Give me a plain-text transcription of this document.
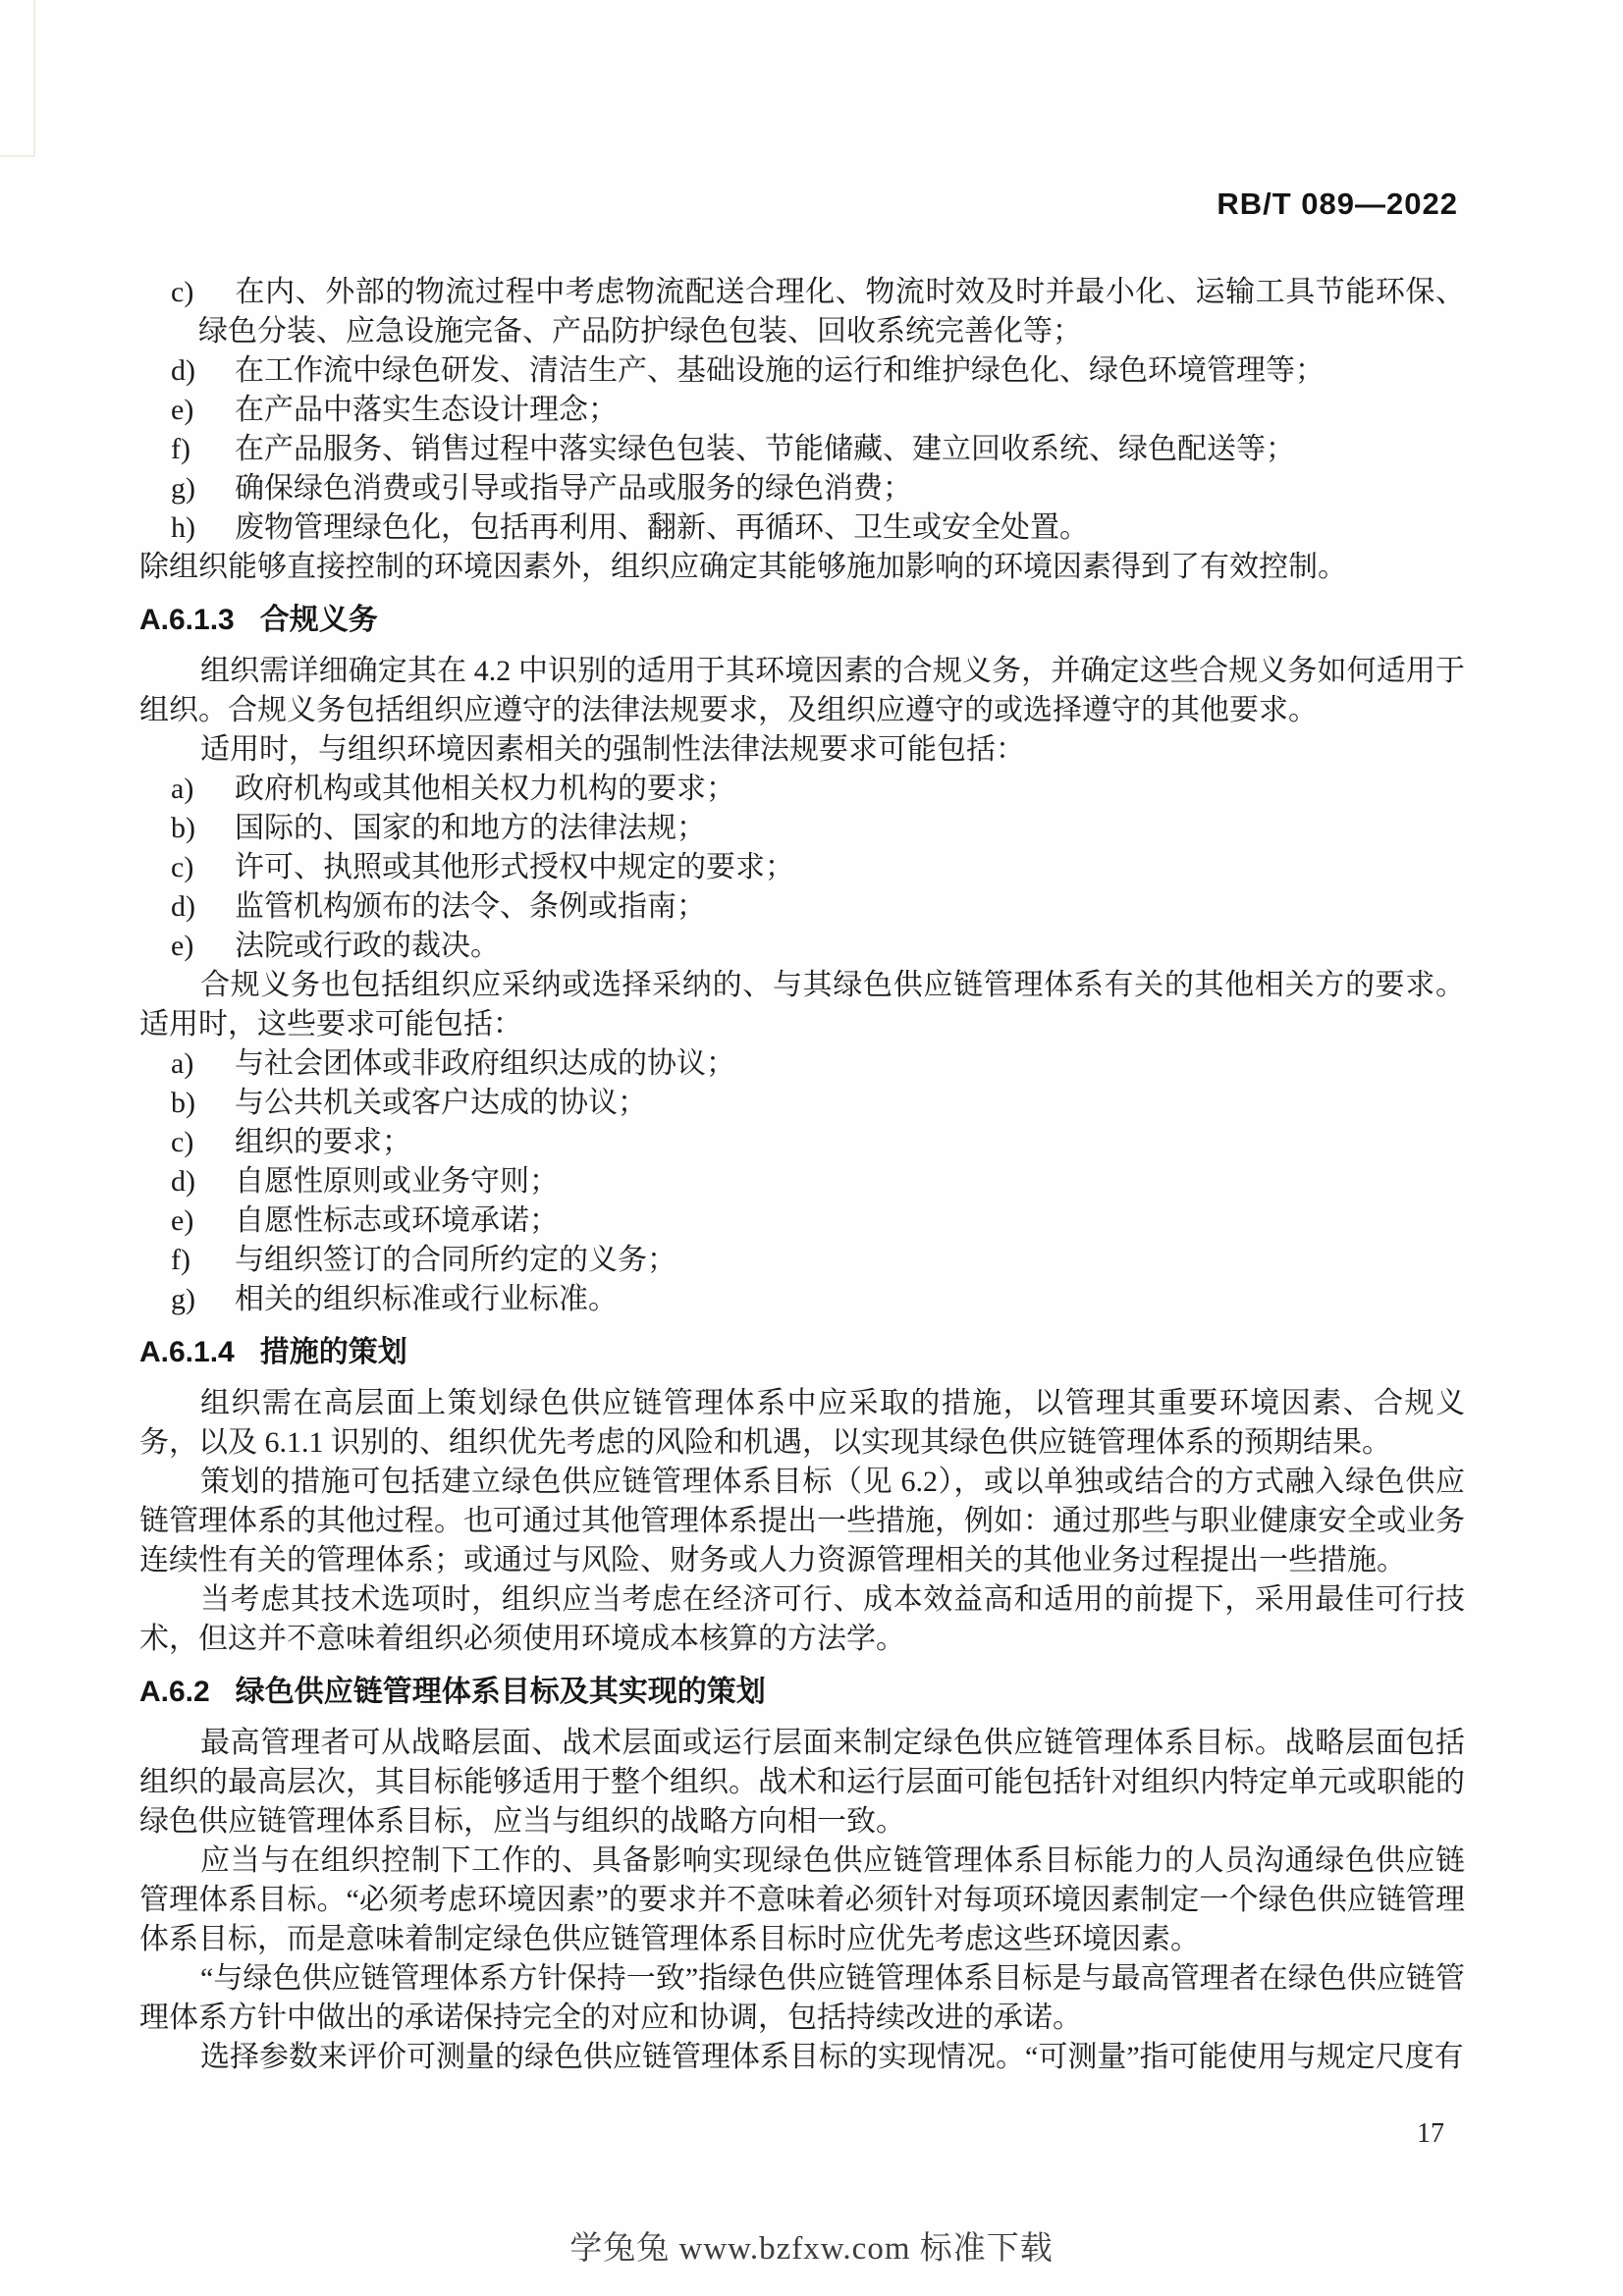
RB/T 089—2022
c) 在内、外部的物流过程中考虑物流配送合理化、物流时效及时并最小化、运输工具节能环保、绿色分装、应急设施完备、产品防护绿色包装、回收系统完善化等；
d) 在工作流中绿色研发、清洁生产、基础设施的运行和维护绿色化、绿色环境管理等；
e) 在产品中落实生态设计理念；
f) 在产品服务、销售过程中落实绿色包装、节能储藏、建立回收系统、绿色配送等；
g) 确保绿色消费或引导或指导产品或服务的绿色消费；
h) 废物管理绿色化，包括再利用、翻新、再循环、卫生或安全处置。

除组织能够直接控制的环境因素外，组织应确定其能够施加影响的环境因素得到了有效控制。

A.6.1.3 合规义务

组织需详细确定其在 4.2 中识别的适用于其环境因素的合规义务，并确定这些合规义务如何适用于组织。合规义务包括组织应遵守的法律法规要求，及组织应遵守的或选择遵守的其他要求。

适用时，与组织环境因素相关的强制性法律法规要求可能包括：

a) 政府机构或其他相关权力机构的要求；
b) 国际的、国家的和地方的法律法规；
c) 许可、执照或其他形式授权中规定的要求；
d) 监管机构颁布的法令、条例或指南；
e) 法院或行政的裁决。

合规义务也包括组织应采纳或选择采纳的、与其绿色供应链管理体系有关的其他相关方的要求。适用时，这些要求可能包括：

a) 与社会团体或非政府组织达成的协议；
b) 与公共机关或客户达成的协议；
c) 组织的要求；
d) 自愿性原则或业务守则；
e) 自愿性标志或环境承诺；
f) 与组织签订的合同所约定的义务；
g) 相关的组织标准或行业标准。
A.6.1.4 措施的策划

组织需在高层面上策划绿色供应链管理体系中应采取的措施，以管理其重要环境因素、合规义务，以及 6.1.1 识别的、组织优先考虑的风险和机遇，以实现其绿色供应链管理体系的预期结果。

策划的措施可包括建立绿色供应链管理体系目标（见 6.2），或以单独或结合的方式融入绿色供应链管理体系的其他过程。也可通过其他管理体系提出一些措施，例如：通过那些与职业健康安全或业务连续性有关的管理体系；或通过与风险、财务或人力资源管理相关的其他业务过程提出一些措施。

当考虑其技术选项时，组织应当考虑在经济可行、成本效益高和适用的前提下，采用最佳可行技术，但这并不意味着组织必须使用环境成本核算的方法学。

A.6.2 绿色供应链管理体系目标及其实现的策划

最高管理者可从战略层面、战术层面或运行层面来制定绿色供应链管理体系目标。战略层面包括组织的最高层次，其目标能够适用于整个组织。战术和运行层面可能包括针对组织内特定单元或职能的绿色供应链管理体系目标，应当与组织的战略方向相一致。

应当与在组织控制下工作的、具备影响实现绿色供应链管理体系目标能力的人员沟通绿色供应链管理体系目标。“必须考虑环境因素”的要求并不意味着必须针对每项环境因素制定一个绿色供应链管理体系目标，而是意味着制定绿色供应链管理体系目标时应优先考虑这些环境因素。

“与绿色供应链管理体系方针保持一致”指绿色供应链管理体系目标是与最高管理者在绿色供应链管理体系方针中做出的承诺保持完全的对应和协调，包括持续改进的承诺。

选择参数来评价可测量的绿色供应链管理体系目标的实现情况。“可测量”指可能使用与规定尺度有

17
学兔兔 www.bzfxw.com 标准下载
